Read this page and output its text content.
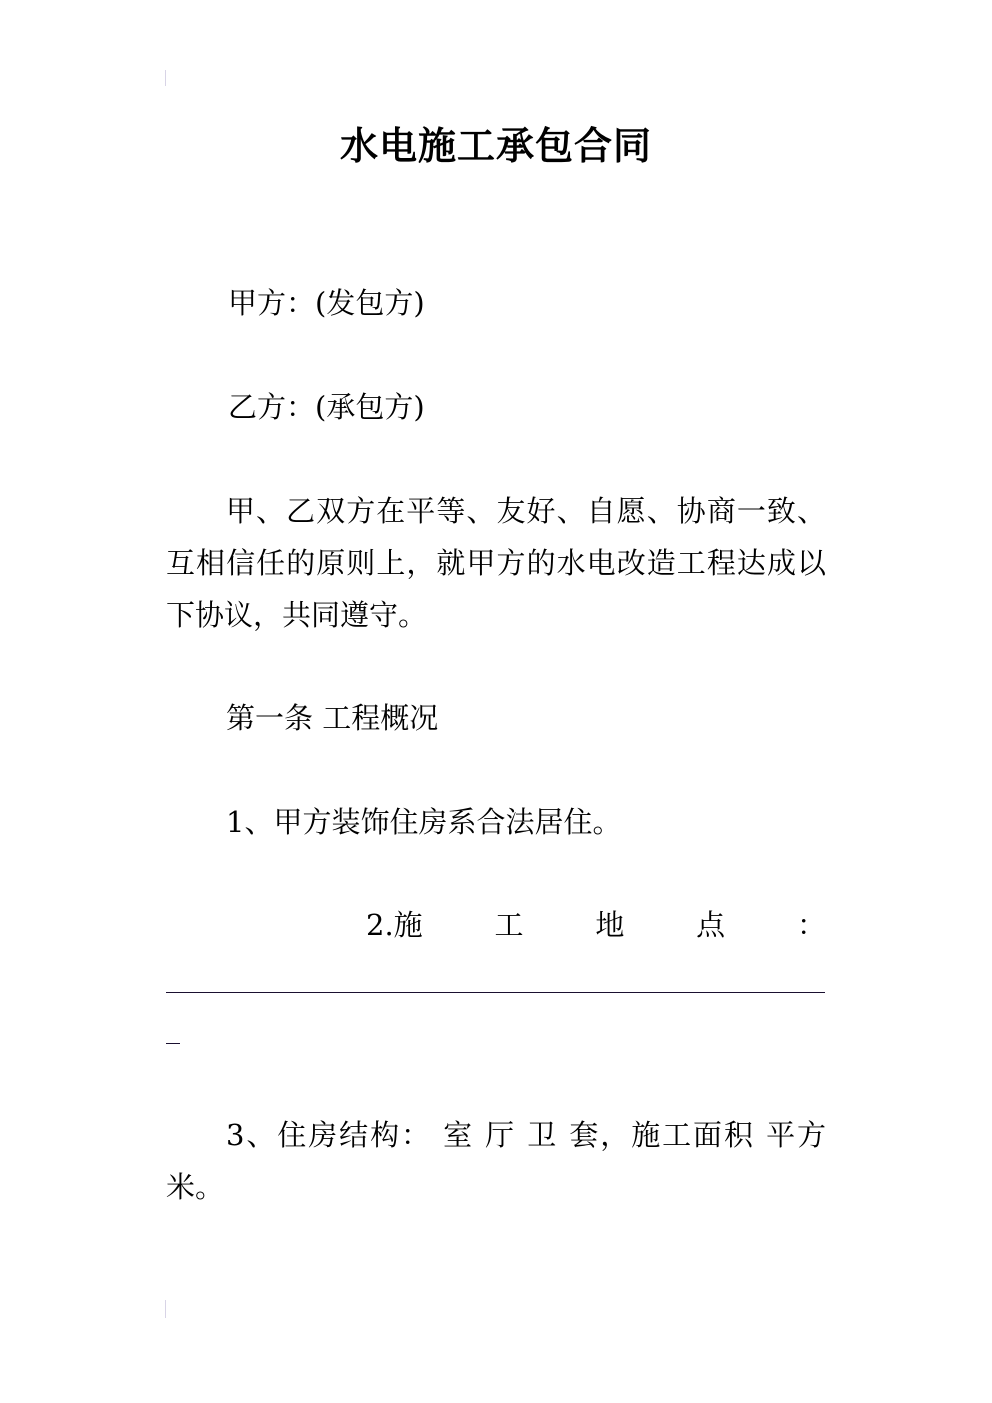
水电施工承包合同
甲方：(发包方)
乙方：(承包方)
甲、乙双方在平等、友好、自愿、协商一致、互相信任的原则上，就甲方的水电改造工程达成以下协议，共同遵守。
第一条 工程概况
1、甲方装饰住房系合法居住。
2.施 工 地 点 ：
3、住房结构： 室 厅 卫 套，施工面积 平方米。
